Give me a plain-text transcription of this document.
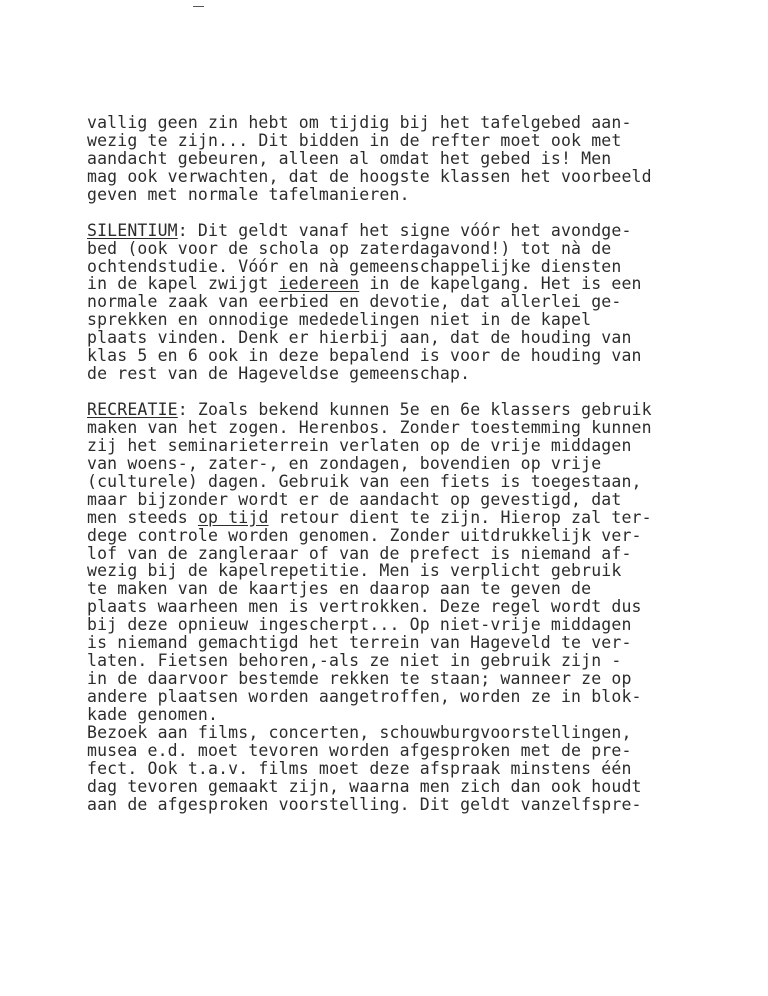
vallig geen zin hebt om tijdig bij het tafelgebed aan-
wezig te zijn... Dit bidden in de refter moet ook met
aandacht gebeuren, alleen al omdat het gebed is! Men
mag ook verwachten, dat de hoogste klassen het voorbeeld
geven met normale tafelmanieren.
SILENTIUM: Dit geldt vanaf het signe vóór het avondge-
bed (ook voor de schola op zaterdagavond!) tot nà de
ochtendstudie. Vóór en nà gemeenschappelijke diensten
in de kapel zwijgt iedereen in de kapelgang. Het is een
normale zaak van eerbied en devotie, dat allerlei ge-
sprekken en onnodige mededelingen niet in de kapel
plaats vinden. Denk er hierbij aan, dat de houding van
klas 5 en 6 ook in deze bepalend is voor de houding van
de rest van de Hageveldse gemeenschap.
RECREATIE: Zoals bekend kunnen 5e en 6e klassers gebruik
maken van het zogen. Herenbos. Zonder toestemming kunnen
zij het seminarieterrein verlaten op de vrije middagen
van woens-, zater-, en zondagen, bovendien op vrije
(culturele) dagen. Gebruik van een fiets is toegestaan,
maar bijzonder wordt er de aandacht op gevestigd, dat
men steeds op tijd retour dient te zijn. Hierop zal ter-
dege controle worden genomen. Zonder uitdrukkelijk ver-
lof van de zangleraar of van de prefect is niemand af-
wezig bij de kapelrepetitie. Men is verplicht gebruik
te maken van de kaartjes en daarop aan te geven de
plaats waarheen men is vertrokken. Deze regel wordt dus
bij deze opnieuw ingescherpt... Op niet-vrije middagen
is niemand gemachtigd het terrein van Hageveld te ver-
laten. Fietsen behoren,-als ze niet in gebruik zijn -
in de daarvoor bestemde rekken te staan; wanneer ze op
andere plaatsen worden aangetroffen, worden ze in blok-
kade genomen.
Bezoek aan films, concerten, schouwburgvoorstellingen,
musea e.d. moet tevoren worden afgesproken met de pre-
fect. Ook t.a.v. films moet deze afspraak minstens één
dag tevoren gemaakt zijn, waarna men zich dan ook houdt
aan de afgesproken voorstelling. Dit geldt vanzelfspre-
